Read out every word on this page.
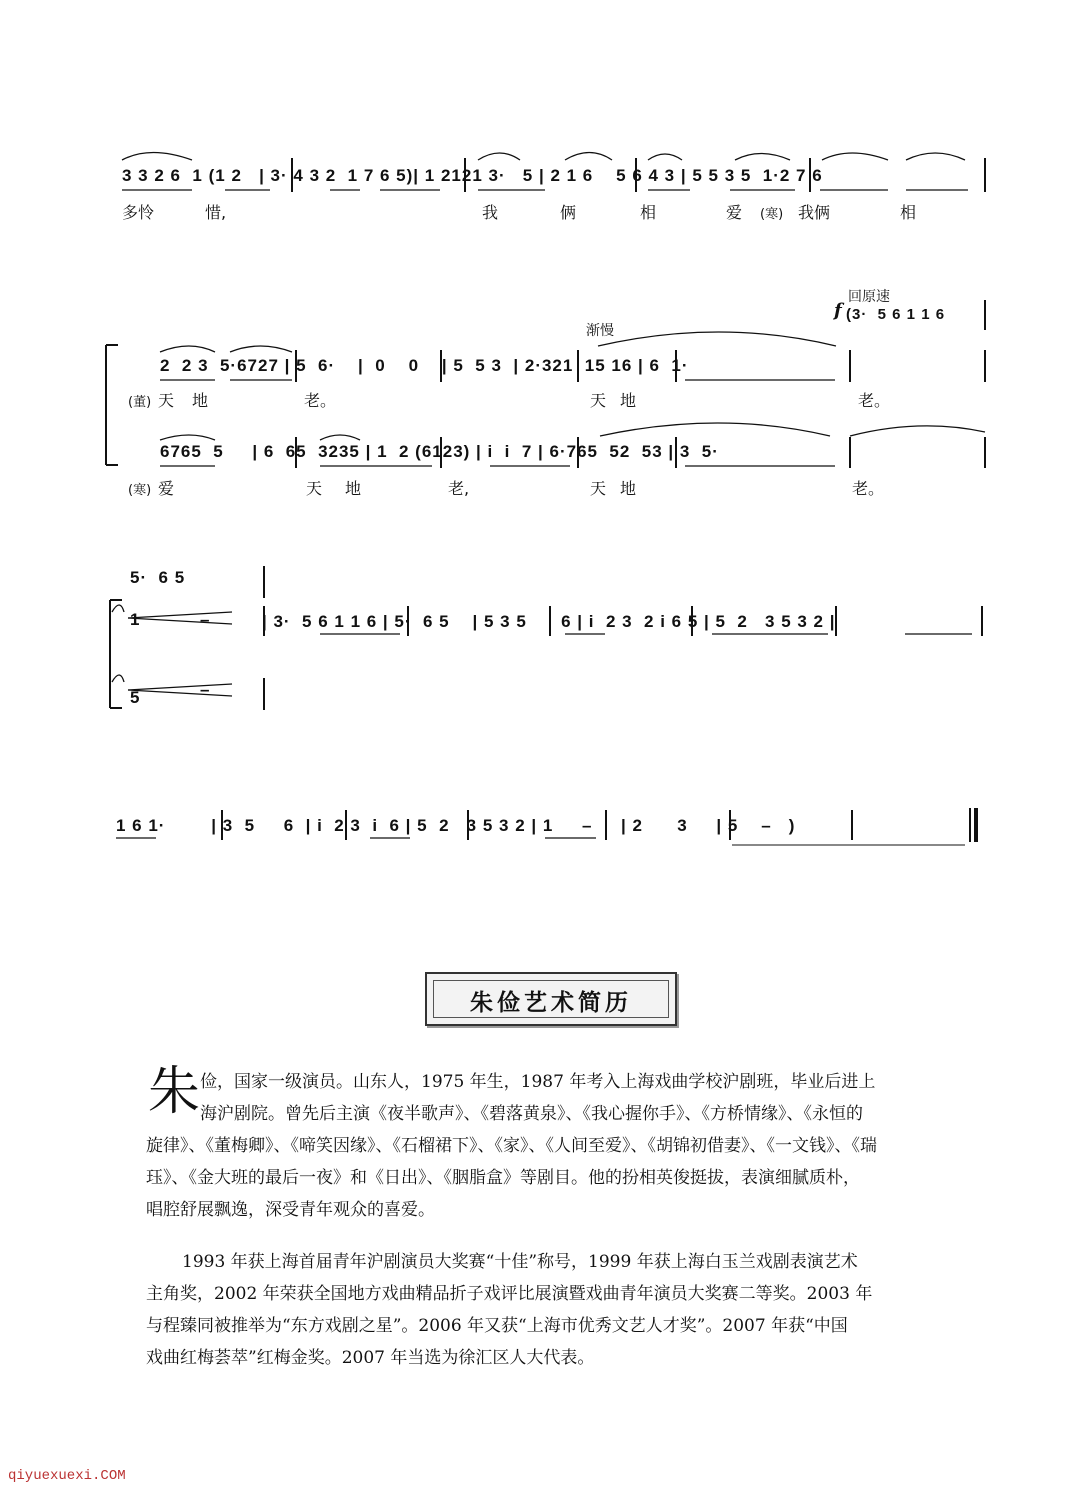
3 3 2 6  1 (1 2   | 3· 4 3 2  1 7 6 5)| 1 2121 3·   5 | 2 1 6    5 6 4 3 | 5 5 3 5  1·2 7 6
多怜	惜,	我	俩	相	爱 (寒) 我俩	相
渐慢
回原速
f (3·  5 6 1 1 6
2  2 3  5·6727 | 5  6·    |  0    0    | 5  5 3  | 2·321  15 16 | 6  1·
(董) 天 地	老。	天 地	老。
6765  5     | 6  65  3235 | 1  2 (6123) | i  i  7 | 6·765  52  53 | 3  5·
(寒) 爱	天 地	老,	天 地	老。
5·  6 5
1	–
5	–
| 3·  5 6 1 1 6 | 5·  6 5    | 5 3 5      6 | i  2 3  2 i 6 5 | 5  2   3 5 3 2 |
1 6 1·        | 3  5     6  | i  2 3  i  6 | 5  2   3 5 3 2 | 1     –     | 2      3     | 5    –   )
朱俭艺术简历
朱 俭，国家一级演员。山东人，1975 年生，1987 年考入上海戏曲学校沪剧班，毕业后进上
海沪剧院。曾先后主演《夜半歌声》、《碧落黄泉》、《我心握你手》、《方桥情缘》、《永恒的
旋律》、《董梅卿》、《啼笑因缘》、《石榴裙下》、《家》、《人间至爱》、《胡锦初借妻》、《一文钱》、《瑞
珏》、《金大班的最后一夜》和《日出》、《胭脂盒》等剧目。他的扮相英俊挺拔，表演细腻质朴，
唱腔舒展飘逸，深受青年观众的喜爱。
1993 年获上海首届青年沪剧演员大奖赛“十佳”称号，1999 年获上海白玉兰戏剧表演艺术
主角奖，2002 年荣获全国地方戏曲精品折子戏评比展演暨戏曲青年演员大奖赛二等奖。2003 年
与程臻同被推举为“东方戏剧之星”。2006 年又获“上海市优秀文艺人才奖”。2007 年获“中国
戏曲红梅荟萃”红梅金奖。2007 年当选为徐汇区人大代表。
qiyuexuexi.COM
